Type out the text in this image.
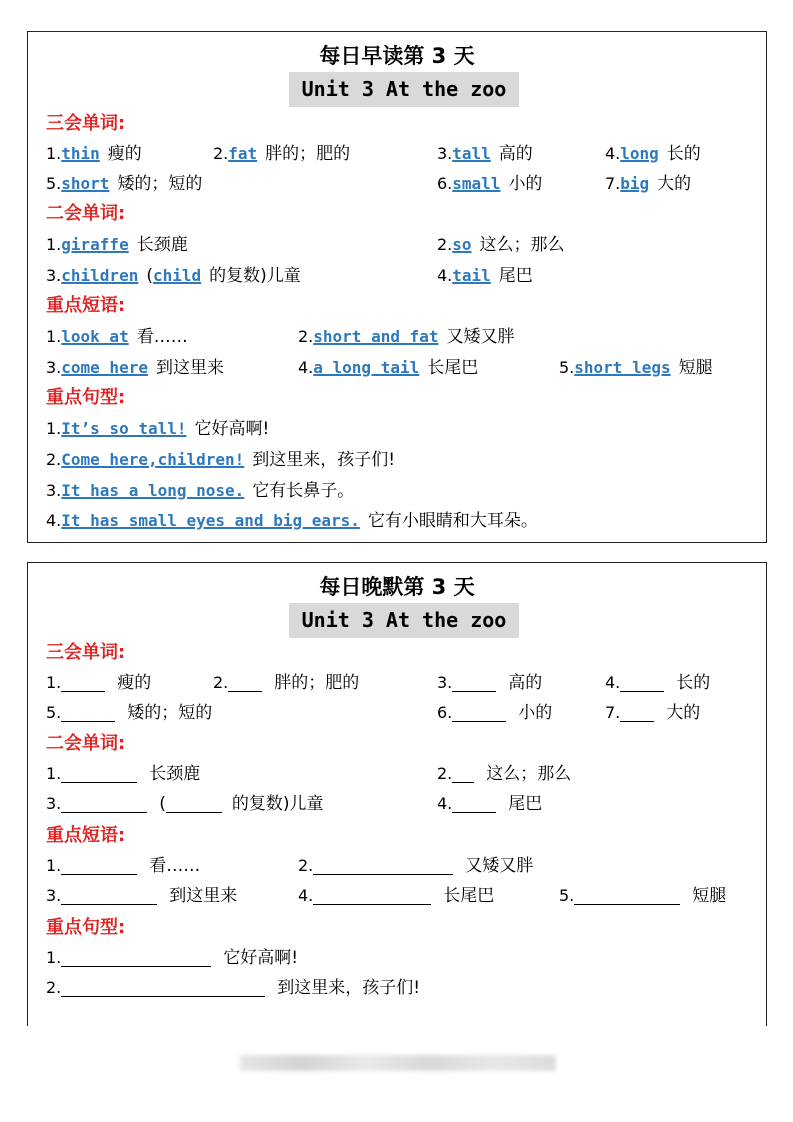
每日早读第 3 天
Unit 3 At the zoo
三会单词:
1.thin 瘦的	2.fat 胖的；肥的	3.tall 高的	4.long 长的
5.short 矮的；短的	6.small 小的	7.big 大的
二会单词:
1.giraffe 长颈鹿	2.so 这么；那么
3.children (child 的复数)儿童	4.tail 尾巴
重点短语:
1.look at 看……	2.short and fat 又矮又胖
3.come here 到这里来	4.a long tail 长尾巴	5.short legs 短腿
重点句型:
1.It’s so tall! 它好高啊!
2.Come here,children! 到这里来，孩子们!
3.It has a long nose. 它有长鼻子。
4.It has small eyes and big ears. 它有小眼睛和大耳朵。
每日晚默第 3 天
Unit 3 At the zoo
三会单词:
1.	瘦的	2.	胖的；肥的	3.	高的	4.	长的
5.	矮的；短的	6.	小的	7.	大的
二会单词:
1.	长颈鹿	2. 这么；那么
3.	(	的复数)儿童	4.	尾巴
重点短语:
1.	看……	2.	又矮又胖
3.	到这里来	4.	长尾巴	5.	短腿
重点句型:
1.	它好高啊!
2.	到这里来，孩子们!
